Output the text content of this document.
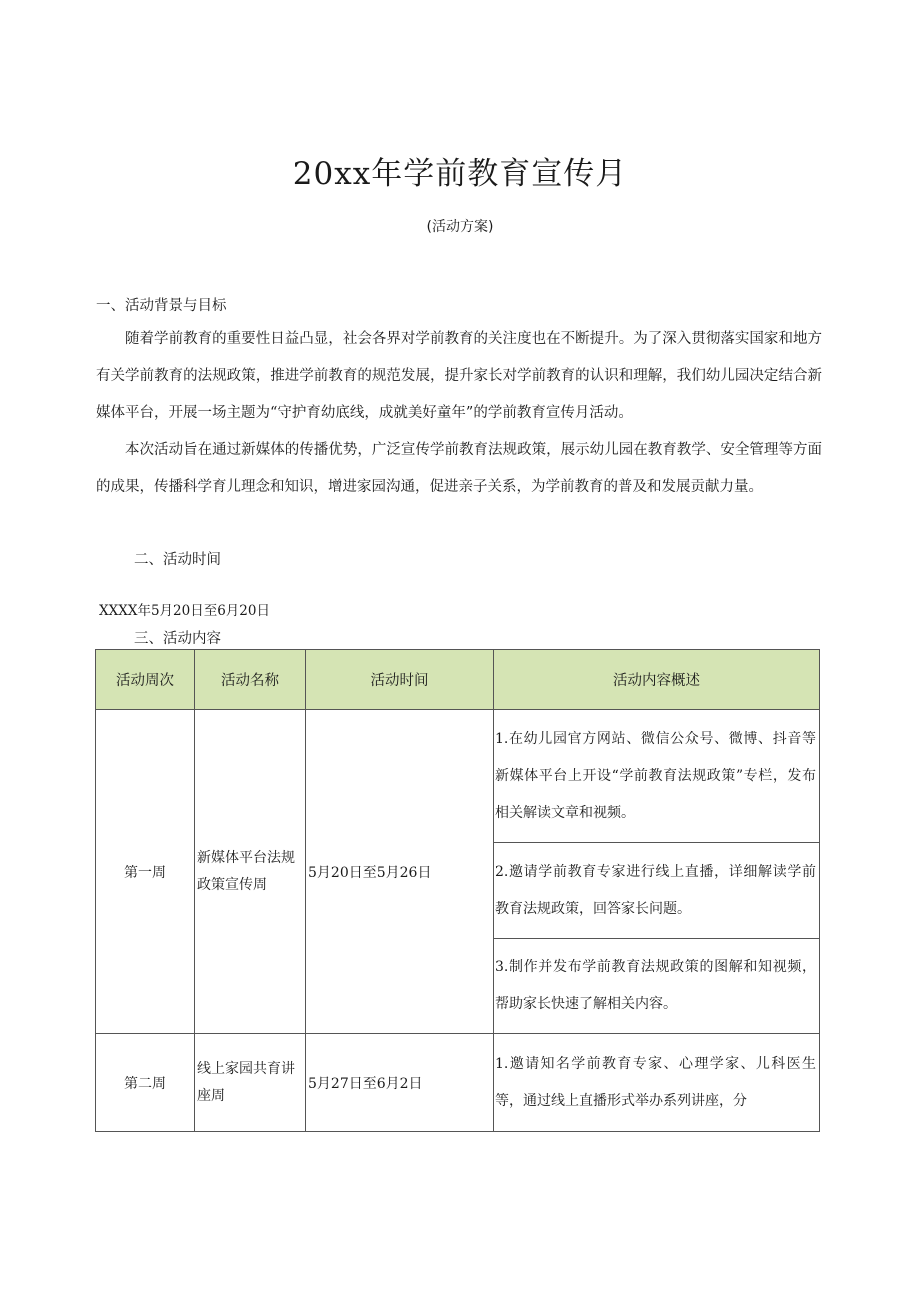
20xx年学前教育宣传月
(活动方案)
一、活动背景与目标
随着学前教育的重要性日益凸显，社会各界对学前教育的关注度也在不断提升。为了深入贯彻落实国家和地方有关学前教育的法规政策，推进学前教育的规范发展，提升家长对学前教育的认识和理解，我们幼儿园决定结合新媒体平台，开展一场主题为“守护育幼底线，成就美好童年”的学前教育宣传月活动。
本次活动旨在通过新媒体的传播优势，广泛宣传学前教育法规政策，展示幼儿园在教育教学、安全管理等方面的成果，传播科学育儿理念和知识，增进家园沟通，促进亲子关系，为学前教育的普及和发展贡献力量。
二、活动时间
XXXX年5月20日至6月20日
三、活动内容
活动周次	活动名称	活动时间	活动内容概述
第一周	新媒体平台法规政策宣传周	5月20日至5月26日	1.在幼儿园官方网站、微信公众号、微博、抖音等新媒体平台上开设“学前教育法规政策”专栏，发布相关解读文章和视频。
			2.邀请学前教育专家进行线上直播，详细解读学前教育法规政策，回答家长问题。
			3.制作并发布学前教育法规政策的图解和知视频，帮助家长快速了解相关内容。
第二周	线上家园共育讲座周	5月27日至6月2日	1.邀请知名学前教育专家、心理学家、儿科医生等，通过线上直播形式举办系列讲座，分
